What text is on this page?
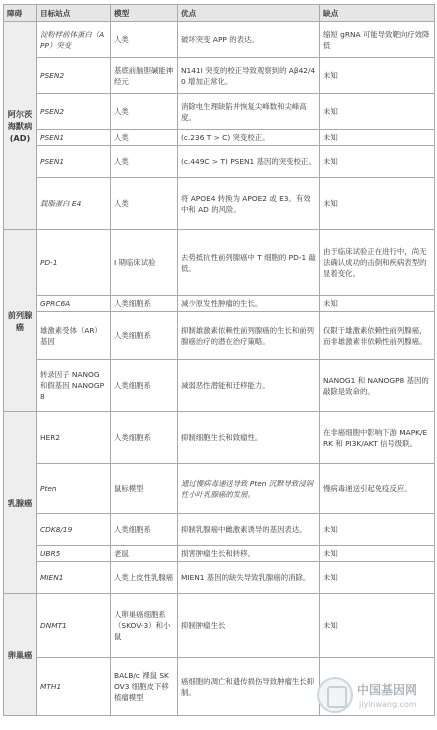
障碍	目标站点	模型	优点	缺点
阿尔茨海默病(AD)	淀粉样前体蛋白（APP）突变	人类	破坏突变 APP 的表达。	缩短 gRNA 可能导致靶向疗效降低
	PSEN2	基底前脑胆碱能神经元	N141I 突变的校正导致观察到的 Aβ42/40 增加正常化。	未知
	PSEN2	人类	消除电生理缺陷并恢复尖峰数和尖峰高度。	未知
	PSEN1	人类	(c.236 T > C) 突变校正。	未知
	PSEN1	人类	(c.449C > T) PSEN1 基因的突变校正。	未知
	载脂蛋白 E4	人类	将 APOE4 转换为 APOE2 或 E3。有效中和 AD 的风险。	未知
前列腺癌	PD-1	I 期临床试验	去势抵抗性前列腺癌中 T 细胞的 PD-1 敲低。	由于临床试验正在进行中，尚无法确认成功的击倒和疾病表型的显着变化。
	GPRC6A	人类细胞系	减少原发性肿瘤的生长。	未知
	雄激素受体（AR）基因	人类细胞系	抑制雄激素依赖性前列腺癌的生长和前列腺癌治疗的潜在治疗策略。	仅限于雄激素依赖性前列腺癌，而非雄激素非依赖性前列腺癌。
	转录因子 NANOG 和假基因 NANOGP8	人类细胞系	减弱恶性潜能和迁移能力。	NANOG1 和 NANOGP8 基因的敲除是致命的。
乳腺癌	HER2	人类细胞系	抑制细胞生长和致瘤性。	在非癌细胞中影响下游 MAPK/ERK 和 PI3K/AKT 信号级联。
	Pten	鼠标模型	通过慢病毒递送导致 Pten 沉默导致浸润性小叶乳腺癌的发展。	慢病毒递送引起免疫反应。
	CDK8/19	人类细胞系	抑制乳腺癌中雌激素诱导的基因表达。	未知
	UBR5	老鼠	损害肿瘤生长和转移。	未知
	MIEN1	人类上皮性乳腺癌	MIEN1 基因的缺失导致乳腺癌的消除。	未知
卵巢癌	DNMT1	人卵巢癌细胞系（SKOV-3）和小鼠	抑制肿瘤生长	未知
	MTH1	BALB/c 裸鼠 SKOV3 细胞皮下移植瘤模型	癌细胞的凋亡和遗传损伤导致肿瘤生长抑制。		中国基因网
jiyinwang.com
